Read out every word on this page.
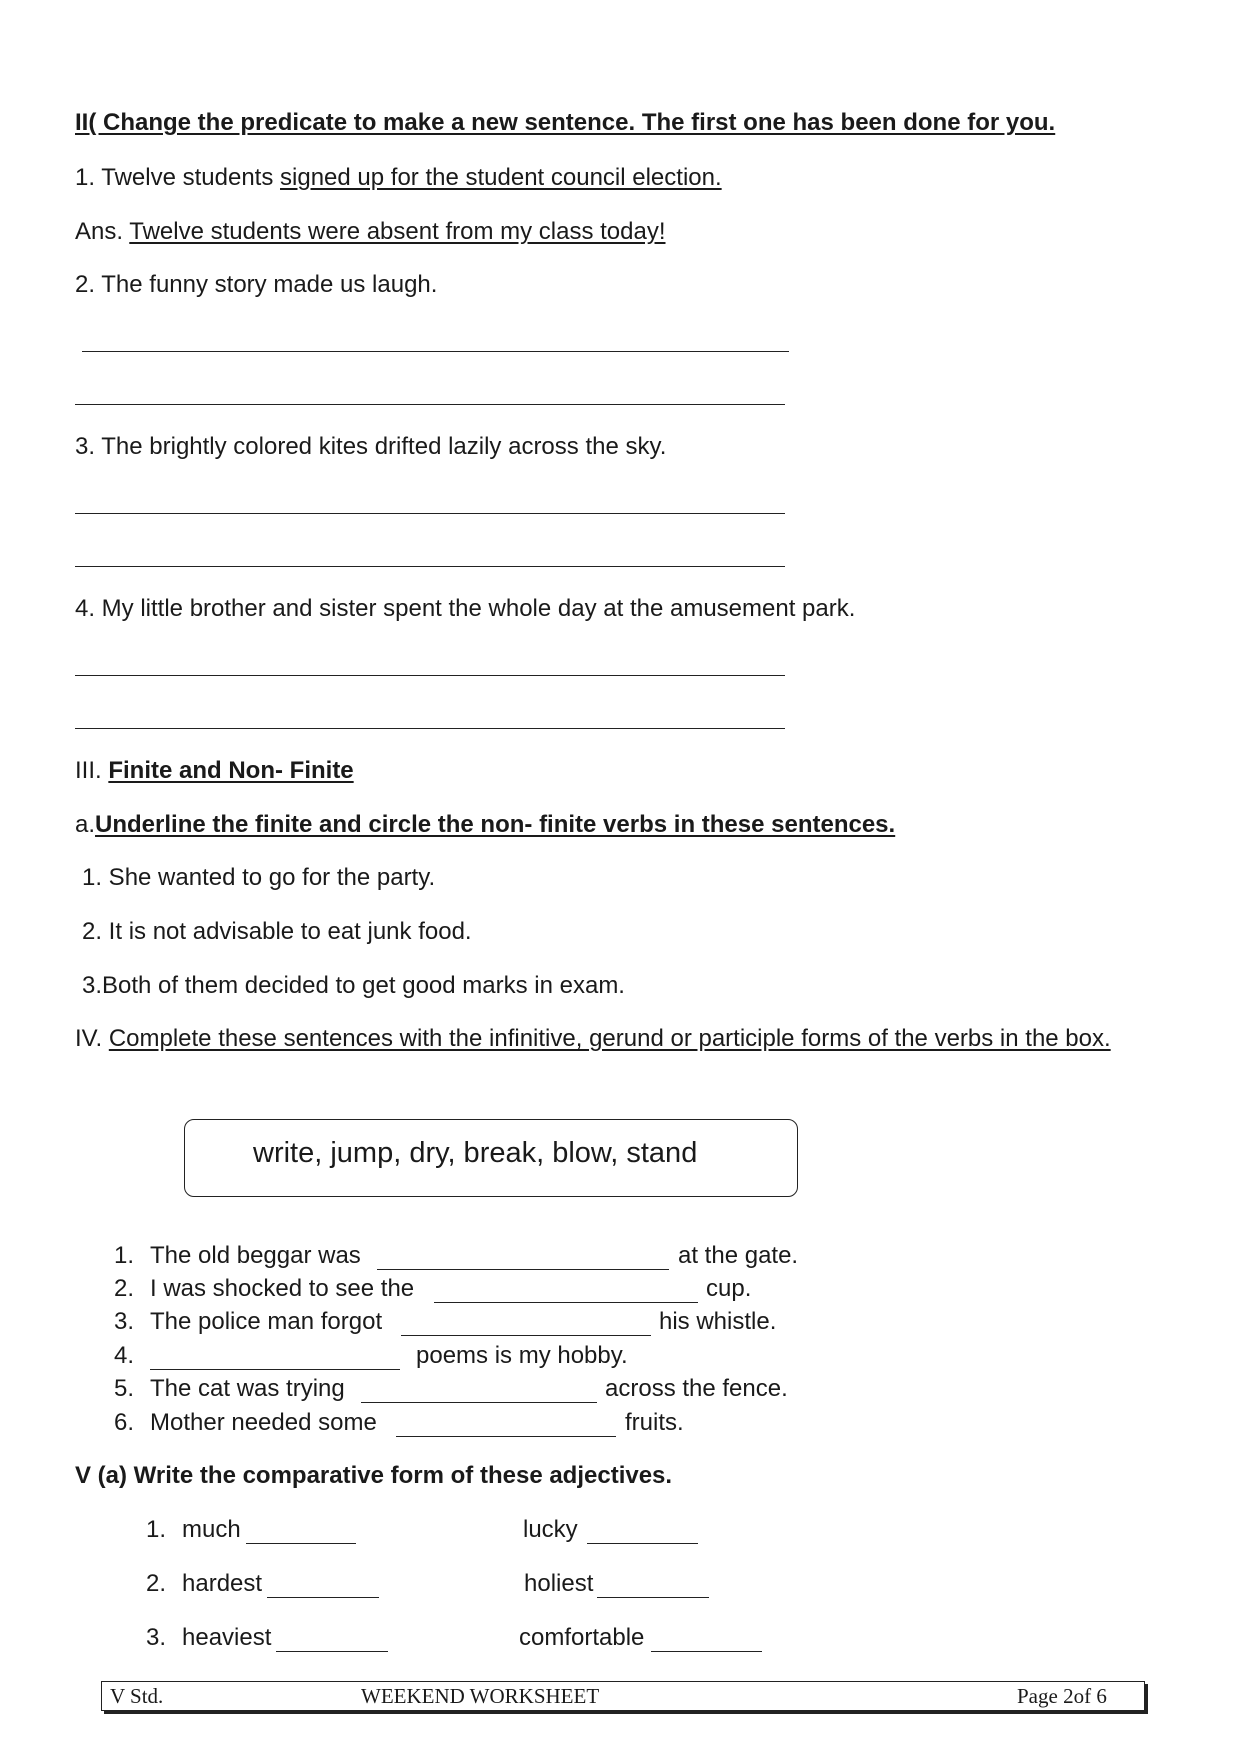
II( Change the predicate to make a new sentence. The first one has been done for you.
1. Twelve students signed up for the student council election.
Ans. Twelve students were absent from my class today!
2. The funny story made us laugh.
3. The brightly colored kites drifted lazily across the sky.
4. My little brother and sister spent the whole day at the amusement park.
III. Finite and Non- Finite
a.Underline the finite and circle the non- finite verbs in these sentences.
1. She wanted to go for the party.
2. It is not advisable to eat junk food.
3.Both of them decided to get good marks in exam.
IV. Complete these sentences with the infinitive, gerund or participle forms of the verbs in the box.
write, jump, dry, break, blow, stand
1. The old beggar was	at the gate.
2. I was shocked to see the	cup.
3. The police man forgot	his whistle.
4.	poems is my hobby.
5. The cat was trying	across the fence.
6. Mother needed some	fruits.
V (a) Write the comparative form of these adjectives.
1. much	lucky
2. hardest	holiest
3. heaviest	comfortable
V Std.	WEEKEND WORKSHEET	Page 2of 6
